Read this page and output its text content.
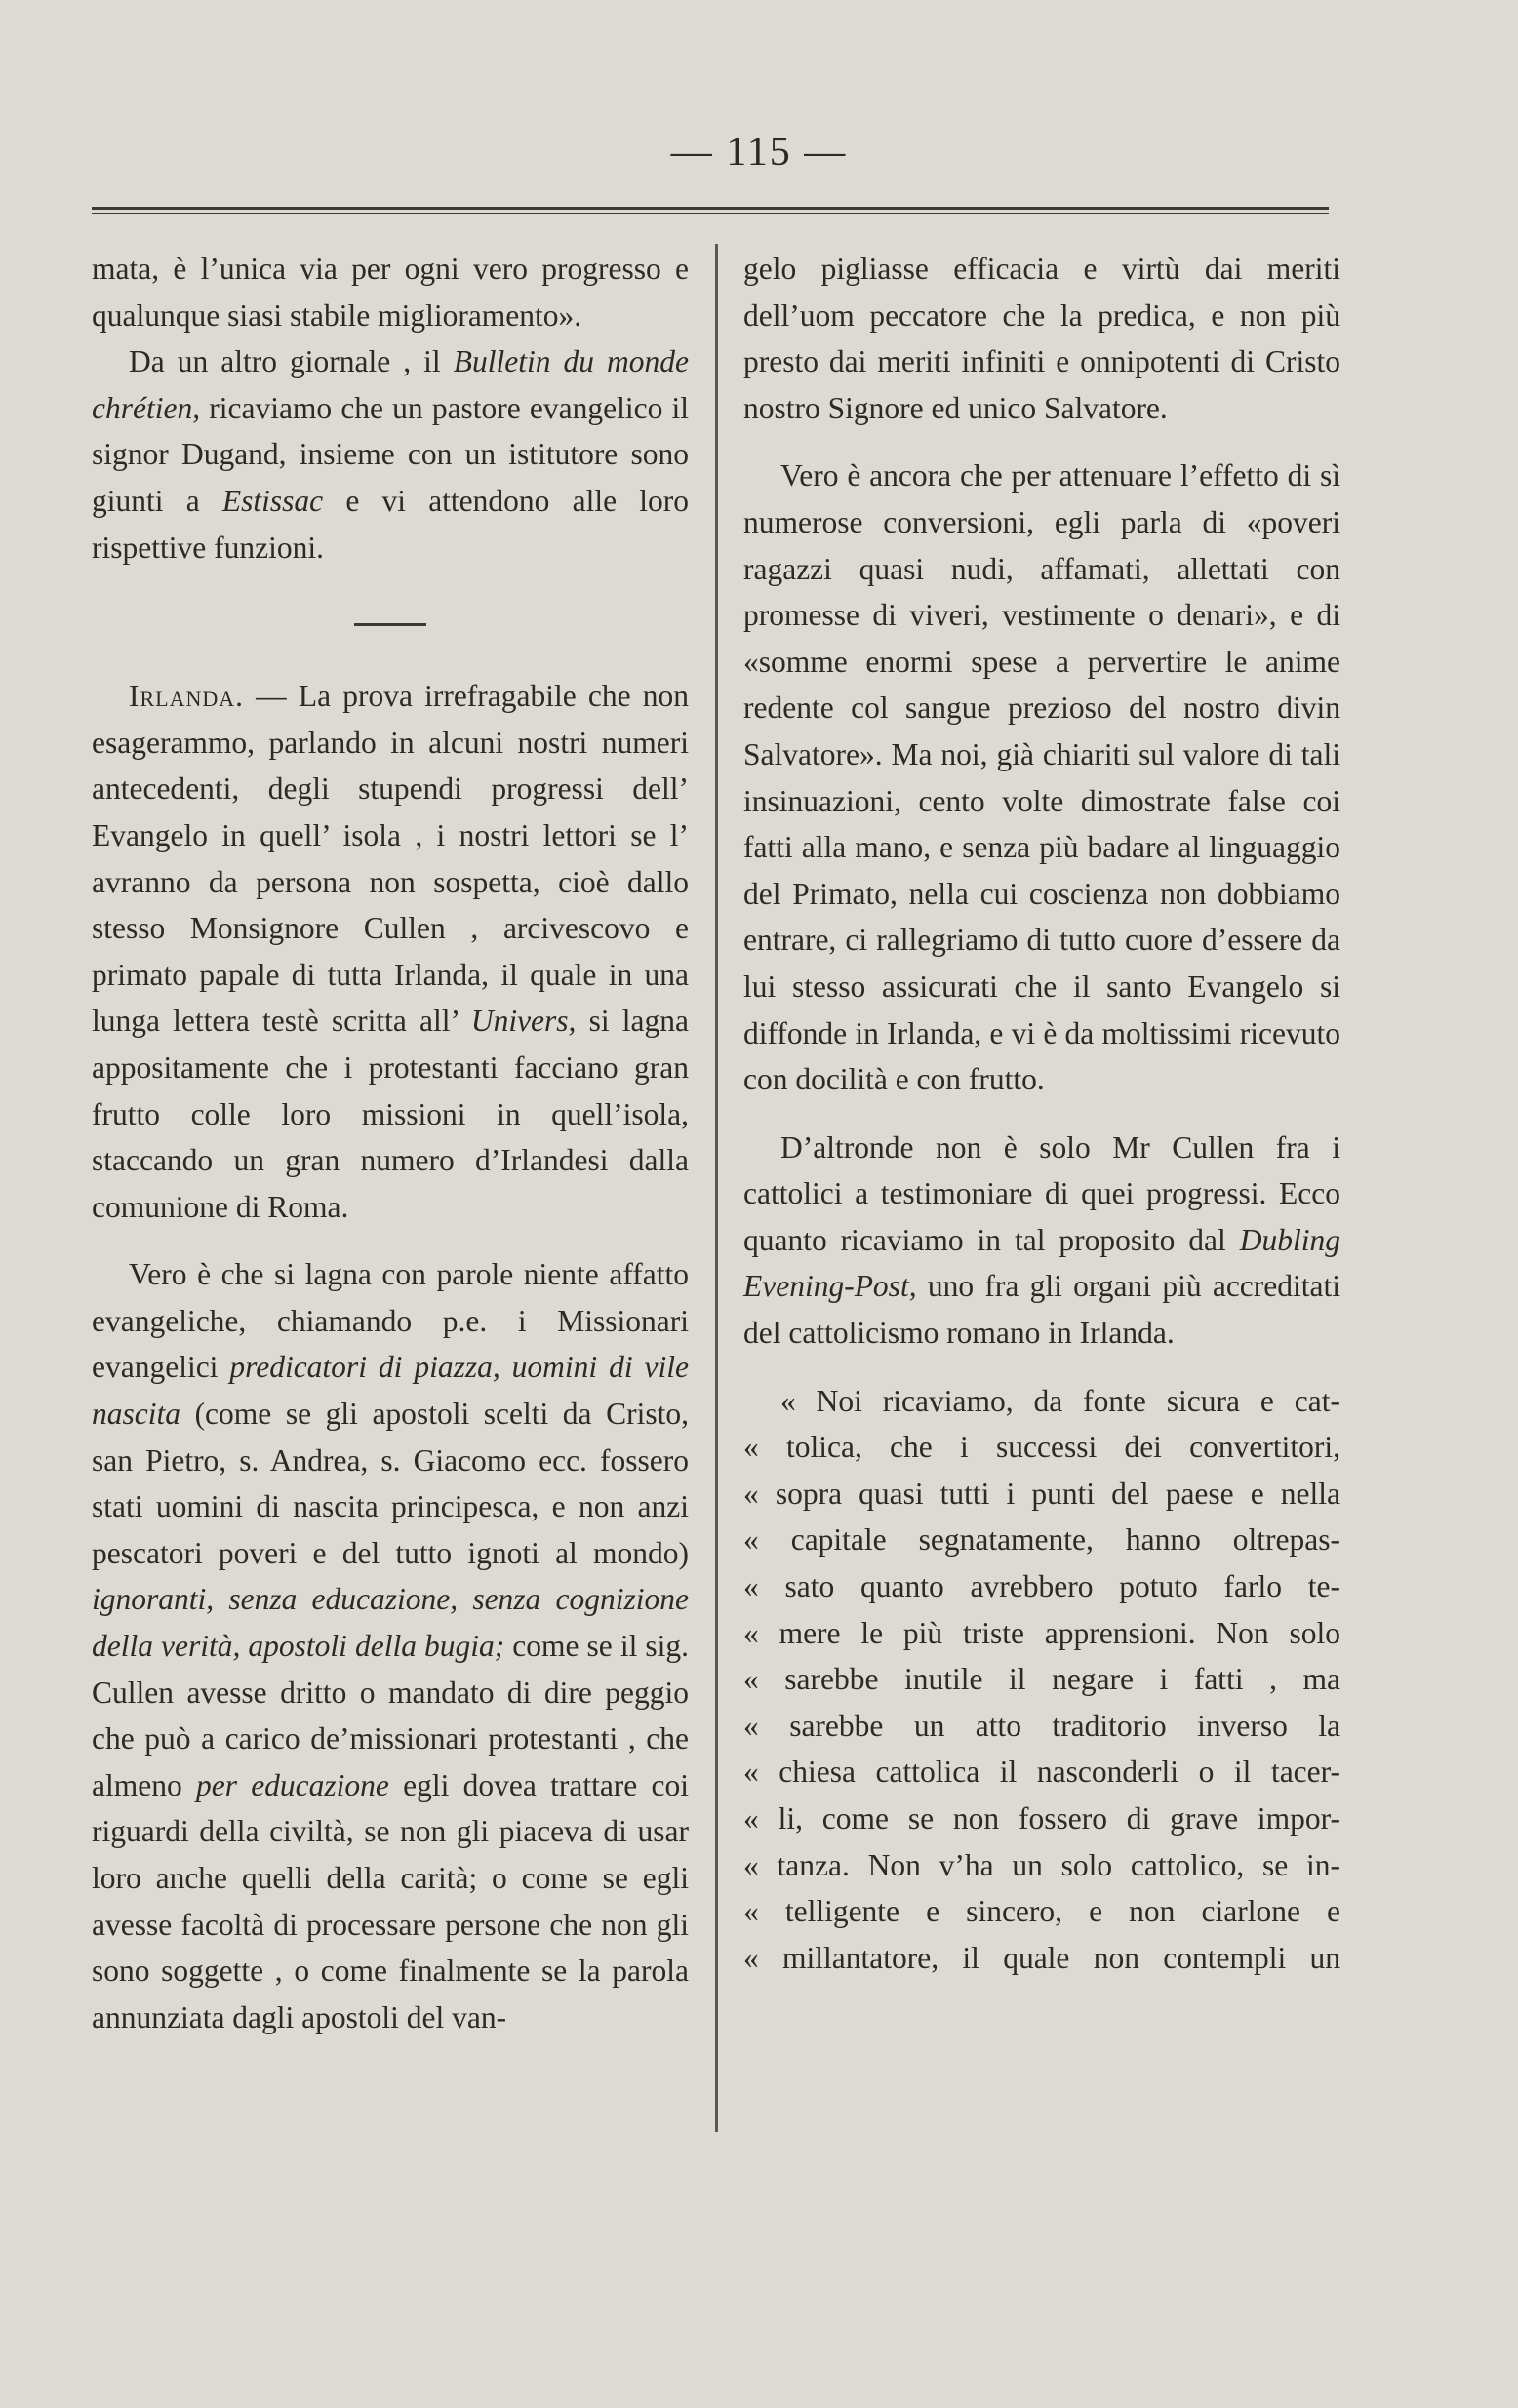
— 115 —

mata, è l’unica via per ogni vero progresso e qualunque siasi stabile miglioramento».

Da un altro giornale , il Bulletin du monde chrétien, ricaviamo che un pastore evangelico il signor Dugand, insieme con un istitutore sono giunti a Estissac e vi attendono alle loro rispettive funzioni.

Irlanda. — La prova irrefragabile che non esagerammo, parlando in alcuni nostri numeri antecedenti, degli stupendi progressi dell’ Evangelo in quell’ isola , i nostri lettori se l’ avranno da persona non sospetta, cioè dallo stesso Monsignore Cullen , arcivescovo e primato papale di tutta Irlanda, il quale in una lunga lettera testè scritta all’ Univers, si lagna appositamente che i protestanti facciano gran frutto colle loro missioni in quell’isola, staccando un gran numero d’Irlandesi dalla comunione di Roma.

Vero è che si lagna con parole niente affatto evangeliche, chiamando p.e. i Missionari evangelici predicatori di piazza, uomini di vile nascita (come se gli apostoli scelti da Cristo, san Pietro, s. Andrea, s. Giacomo ecc. fossero stati uomini di nascita principesca, e non anzi pescatori poveri e del tutto ignoti al mondo) ignoranti, senza educazione, senza cognizione della verità, apostoli della bugia; come se il sig. Cullen avesse dritto o mandato di dire peggio che può a carico de’missionari protestanti , che almeno per educazione egli dovea trattare coi riguardi della civiltà, se non gli piaceva di usar loro anche quelli della carità; o come se egli avesse facoltà di processare persone che non gli sono soggette , o come finalmente se la parola annunziata dagli apostoli del van-

gelo pigliasse efficacia e virtù dai meriti dell’uom peccatore che la predica, e non più presto dai meriti infiniti e onnipotenti di Cristo nostro Signore ed unico Salvatore.

Vero è ancora che per attenuare l’effetto di sì numerose conversioni, egli parla di «poveri ragazzi quasi nudi, affamati, allettati con promesse di viveri, vestimente o denari», e di «somme enormi spese a pervertire le anime redente col sangue prezioso del nostro divin Salvatore». Ma noi, già chiariti sul valore di tali insinuazioni, cento volte dimostrate false coi fatti alla mano, e senza più badare al linguaggio del Primato, nella cui coscienza non dobbiamo entrare, ci rallegriamo di tutto cuore d’essere da lui stesso assicurati che il santo Evangelo si diffonde in Irlanda, e vi è da moltissimi ricevuto con docilità e con frutto.

D’altronde non è solo Mr Cullen fra i cattolici a testimoniare di quei progressi. Ecco quanto ricaviamo in tal proposito dal Dubling Evening-Post, uno fra gli organi più accreditati del cattolicismo romano in Irlanda.

« Noi ricaviamo, da fonte sicura e cat-
« tolica, che i successi dei convertitori,
« sopra quasi tutti i punti del paese e nella
« capitale segnatamente, hanno oltrepas-
« sato quanto avrebbero potuto farlo te-
« mere le più triste apprensioni. Non solo
« sarebbe inutile il negare i fatti , ma
« sarebbe un atto traditorio inverso la
« chiesa cattolica il nasconderli o il tacer-
« li, come se non fossero di grave impor-
« tanza. Non v’ha un solo cattolico, se in-
« telligente e sincero, e non ciarlone e
« millantatore, il quale non contempli un
